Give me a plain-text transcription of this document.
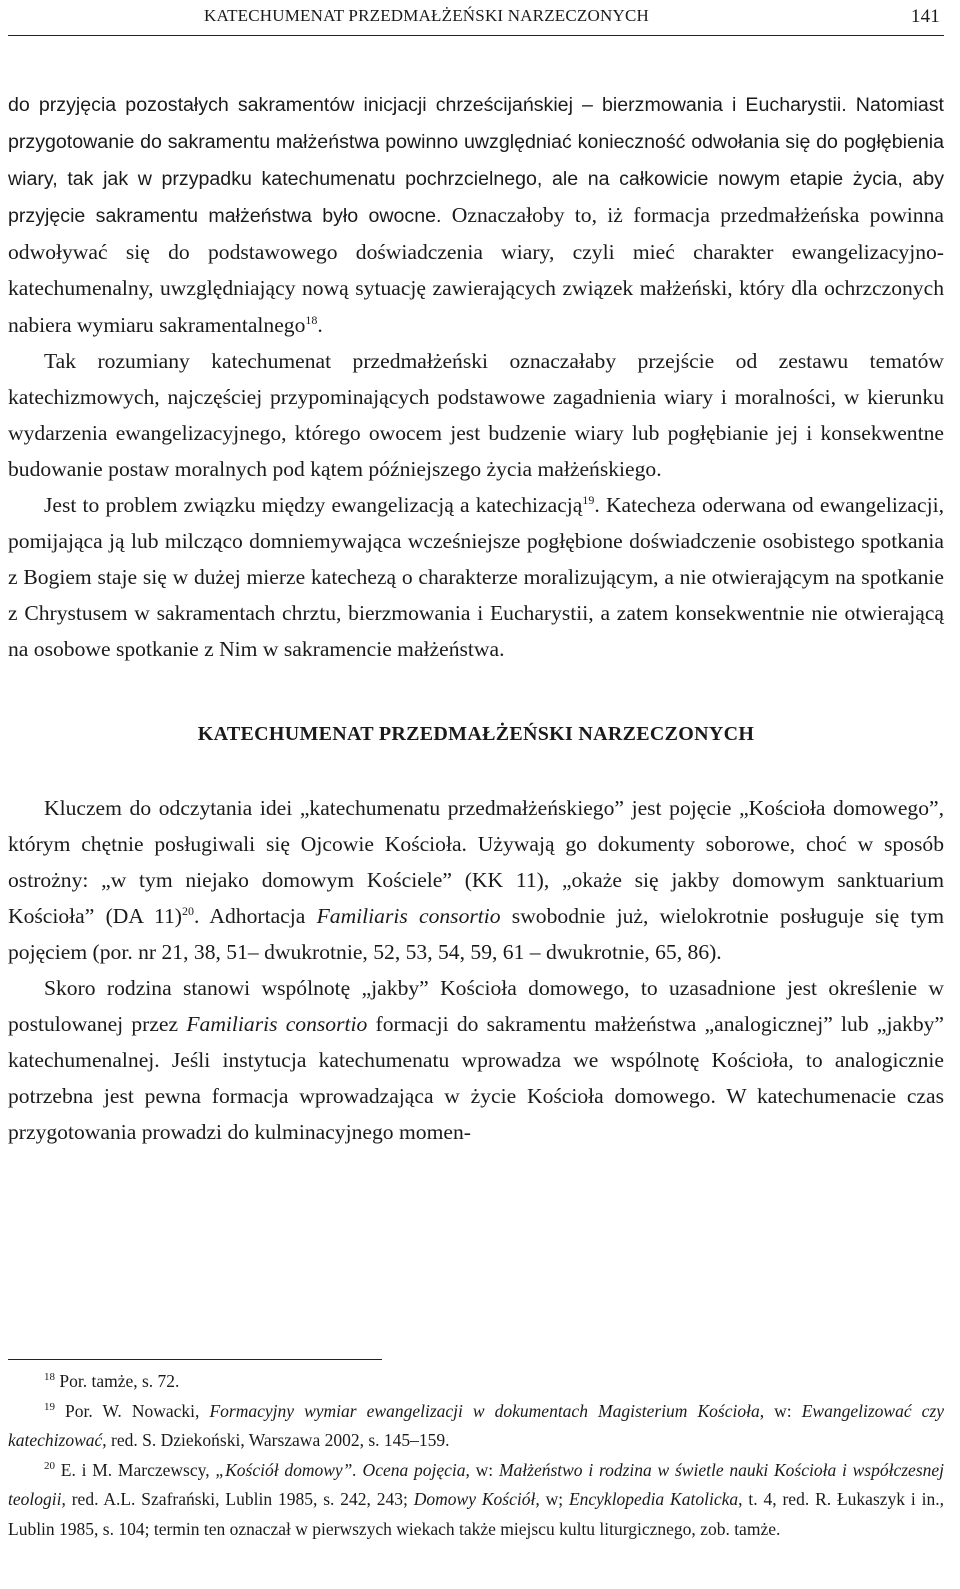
KATECHUMENAT PRZEDMAŁŻEŃSKI NARZECZONYCH	141

do przyjęcia pozostałych sakramentów inicjacji chrześcijańskiej – bierzmowania i Eucharystii. Natomiast przygotowanie do sakramentu małżeństwa powinno uwzględniać konieczność odwołania się do pogłębienia wiary, tak jak w przypadku katechumenatu pochrzcielnego, ale na całkowicie nowym etapie życia, aby przyjęcie sakramentu małżeństwa było owocne. Oznaczałoby to, iż formacja przedmałżeńska powinna odwoływać się do podstawowego doświadczenia wiary, czyli mieć charakter ewangelizacyjno-katechumenalny, uwzględniający nową sytuację zawierających związek małżeński, który dla ochrzczonych nabiera wymiaru sakramentalnego$^{18}$.

Tak rozumiany katechumenat przedmałżeński oznaczałaby przejście od zestawu tematów katechizmowych, najczęściej przypominających podstawowe zagadnienia wiary i moralności, w kierunku wydarzenia ewangelizacyjnego, którego owocem jest budzenie wiary lub pogłębianie jej i konsekwentne budowanie postaw moralnych pod kątem późniejszego życia małżeńskiego.

Jest to problem związku między ewangelizacją a katechizacją$^{19}$. Katecheza oderwana od ewangelizacji, pomijająca ją lub milcząco domniemywająca wcześniejsze pogłębione doświadczenie osobistego spotkania z Bogiem staje się w dużej mierze katechezą o charakterze moralizującym, a nie otwierającym na spotkanie z Chrystusem w sakramentach chrztu, bierzmowania i Eucharystii, a zatem konsekwentnie nie otwierającą na osobowe spotkanie z Nim w sakramencie małżeństwa.

KATECHUMENAT PRZEDMAŁŻEŃSKI NARZECZONYCH

Kluczem do odczytania idei „katechumenatu przedmałżeńskiego” jest pojęcie „Kościoła domowego”, którym chętnie posługiwali się Ojcowie Kościoła. Używają go dokumenty soborowe, choć w sposób ostrożny: „w tym niejako domowym Kościele” (KK 11), „okaże się jakby domowym sanktuarium Kościoła” (DA 11)$^{20}$. Adhortacja Familiaris consortio swobodnie już, wielokrotnie posługuje się tym pojęciem (por. nr 21, 38, 51– dwukrotnie, 52, 53, 54, 59, 61 – dwukrotnie, 65, 86).

Skoro rodzina stanowi wspólnotę „jakby” Kościoła domowego, to uzasadnione jest określenie w postulowanej przez Familiaris consortio formacji do sakramentu małżeństwa „analogicznej” lub „jakby” katechumenalnej. Jeśli instytucja katechumenatu wprowadza we wspólnotę Kościoła, to analogicznie potrzebna jest pewna formacja wprowadzająca w życie Kościoła domowego. W katechumenacie czas przygotowania prowadzi do kulminacyjnego momen-

$^{18}$ Por. tamże, s. 72.

$^{19}$ Por. W. Nowacki, Formacyjny wymiar ewangelizacji w dokumentach Magisterium Kościoła, w: Ewangelizować czy katechizować, red. S. Dziekoński, Warszawa 2002, s. 145–159.

$^{20}$ E. i M. Marczewscy, „Kościół domowy”. Ocena pojęcia, w: Małżeństwo i rodzina w świetle nauki Kościoła i współczesnej teologii, red. A.L. Szafrański, Lublin 1985, s. 242, 243; Domowy Kościół, w; Encyklopedia Katolicka, t. 4, red. R. Łukaszyk i in., Lublin 1985, s. 104; termin ten oznaczał w pierwszych wiekach także miejscu kultu liturgicznego, zob. tamże.
